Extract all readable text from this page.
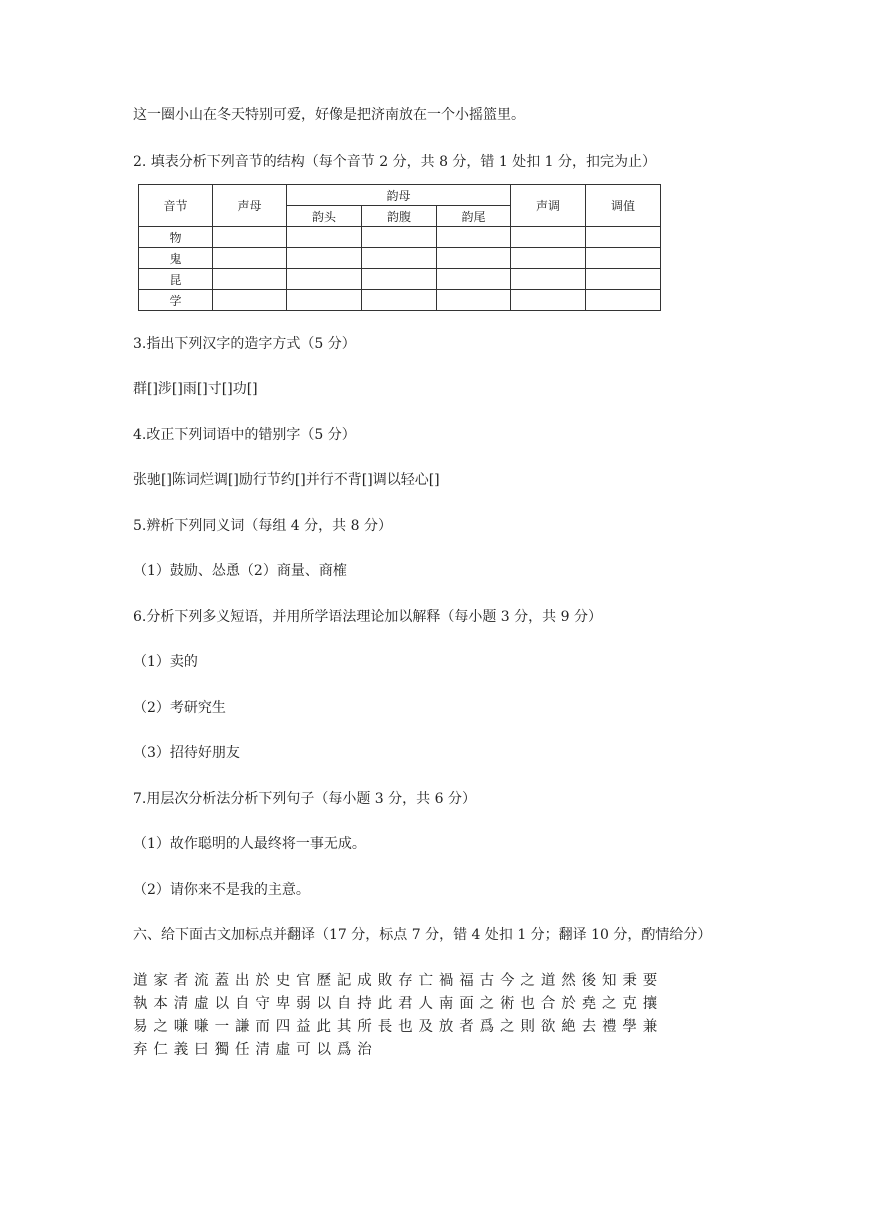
这一圈小山在冬天特别可爱，好像是把济南放在一个小摇篮里。
2. 填表分析下列音节的结构（每个音节 2 分，共 8 分，错 1 处扣 1 分，扣完为止）
音节	声母	韵母			声调	调值
		韵头	韵腹	韵尾		
物						
鬼						
昆						
学						
3.指出下列汉字的造字方式（5 分）
群[]涉[]雨[]寸[]功[]
4.改正下列词语中的错别字（5 分）
张驰[]陈词烂调[]励行节约[]并行不背[]调以轻心[]
5.辨析下列同义词（每组 4 分，共 8 分）
（1）鼓励、怂恿（2）商量、商榷
6.分析下列多义短语，并用所学语法理论加以解释（每小题 3 分，共 9 分）
（1）卖的
（2）考研究生
（3）招待好朋友
7.用层次分析法分析下列句子（每小题 3 分，共 6 分）
（1）故作聪明的人最终将一事无成。
（2）请你来不是我的主意。
六、给下面古文加标点并翻译（17 分，标点 7 分，错 4 处扣 1 分；翻译 10 分，酌情给分）
道 家 者 流 蓋 出 於 史 官 歷 記 成 敗 存 亡 禍 福 古 今 之 道 然 後 知 秉 要
執 本 清 虛 以 自 守 卑 弱 以 自 持 此 君 人 南 面 之 術 也 合 於 堯 之 克 攘
易 之 嗛 嗛 一 謙 而 四 益 此 其 所 長 也 及 放 者 爲 之 則 欲 絶 去 禮 學 兼
弃 仁 義 曰 獨 任 清 虛 可 以 爲 治
